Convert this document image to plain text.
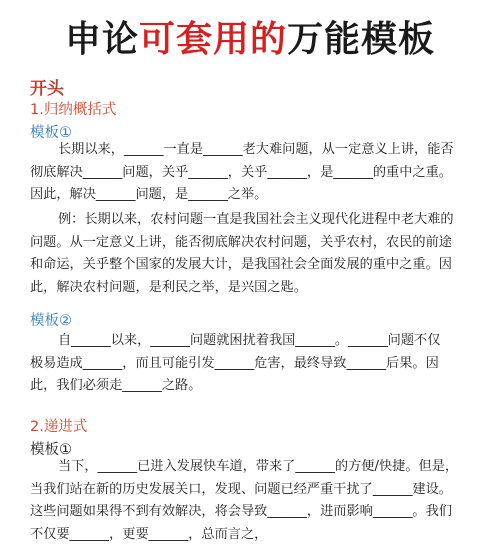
申论可套用的万能模板
开头
1.归纳概括式
模板①
长期以来，______一直是______老大难问题，从一定意义上讲，能否
彻底解决______问题，关乎______，关乎______，是______的重中之重。
因此，解决______问题，是______之举。
例：长期以来，农村问题一直是我国社会主义现代化进程中老大难的
问题。从一定意义上讲，能否彻底解决农村问题，关乎农村，农民的前途
和命运，关乎整个国家的发展大计，是我国社会全面发展的重中之重。因
此，解决农村问题，是利民之举，是兴国之匙。
模板②
自______以来，______问题就困扰着我国______。______问题不仅
极易造成______，而且可能引发______危害，最终导致______后果。因
此，我们必须走______之路。
2.递进式
模板①
当下，______已进入发展快车道，带来了______的方便/快捷。但是，
当我们站在新的历史发展关口，发现、问题已经严重干扰了______建设。
这些问题如果得不到有效解决，将会导致______，进而影响______。我们
不仅要______，更要______，总而言之，
